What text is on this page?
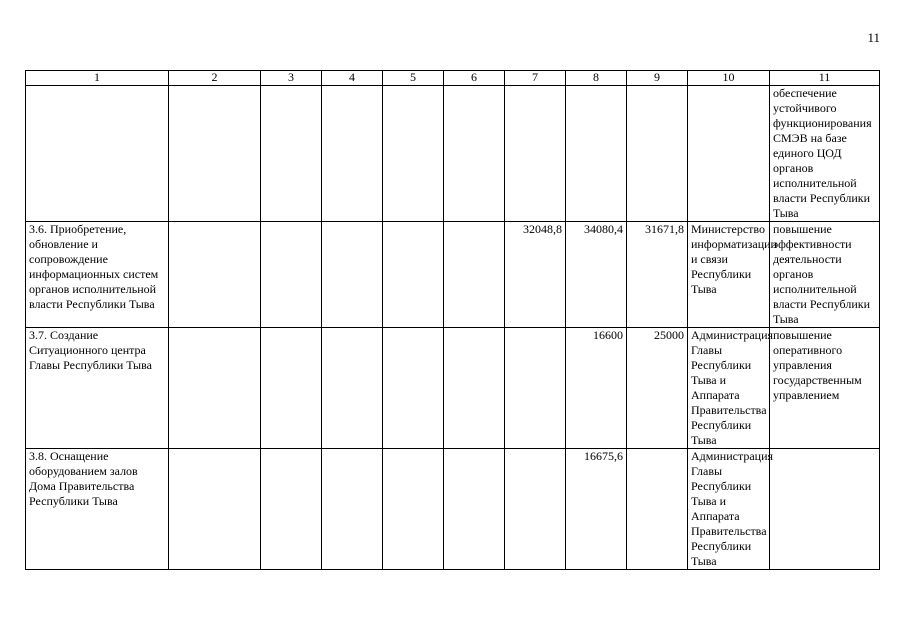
11
1	2	3	4	5	6	7	8	9	10	11
										обеспечение устойчивого функционирования СМЭВ на базе единого ЦОД органов исполнительной власти Республики Тыва
3.6. Приобретение, обновление и сопровождение информационных систем органов исполнительной власти Республики Тыва						32048,8	34080,4	31671,8	Министерство информатизации и связи Республики Тыва	повышение эффективности деятельности органов исполнительной власти Республики Тыва
3.7. Создание Ситуационного центра Главы Республики Тыва							16600	25000	Администрация Главы Республики Тыва и Аппарата Правительства Республики Тыва	повышение оперативного управления государственным управлением
3.8. Оснащение оборудованием залов Дома Правительства Республики Тыва							16675,6		Администрация Главы Республики Тыва и Аппарата Правительства Республики Тыва	
